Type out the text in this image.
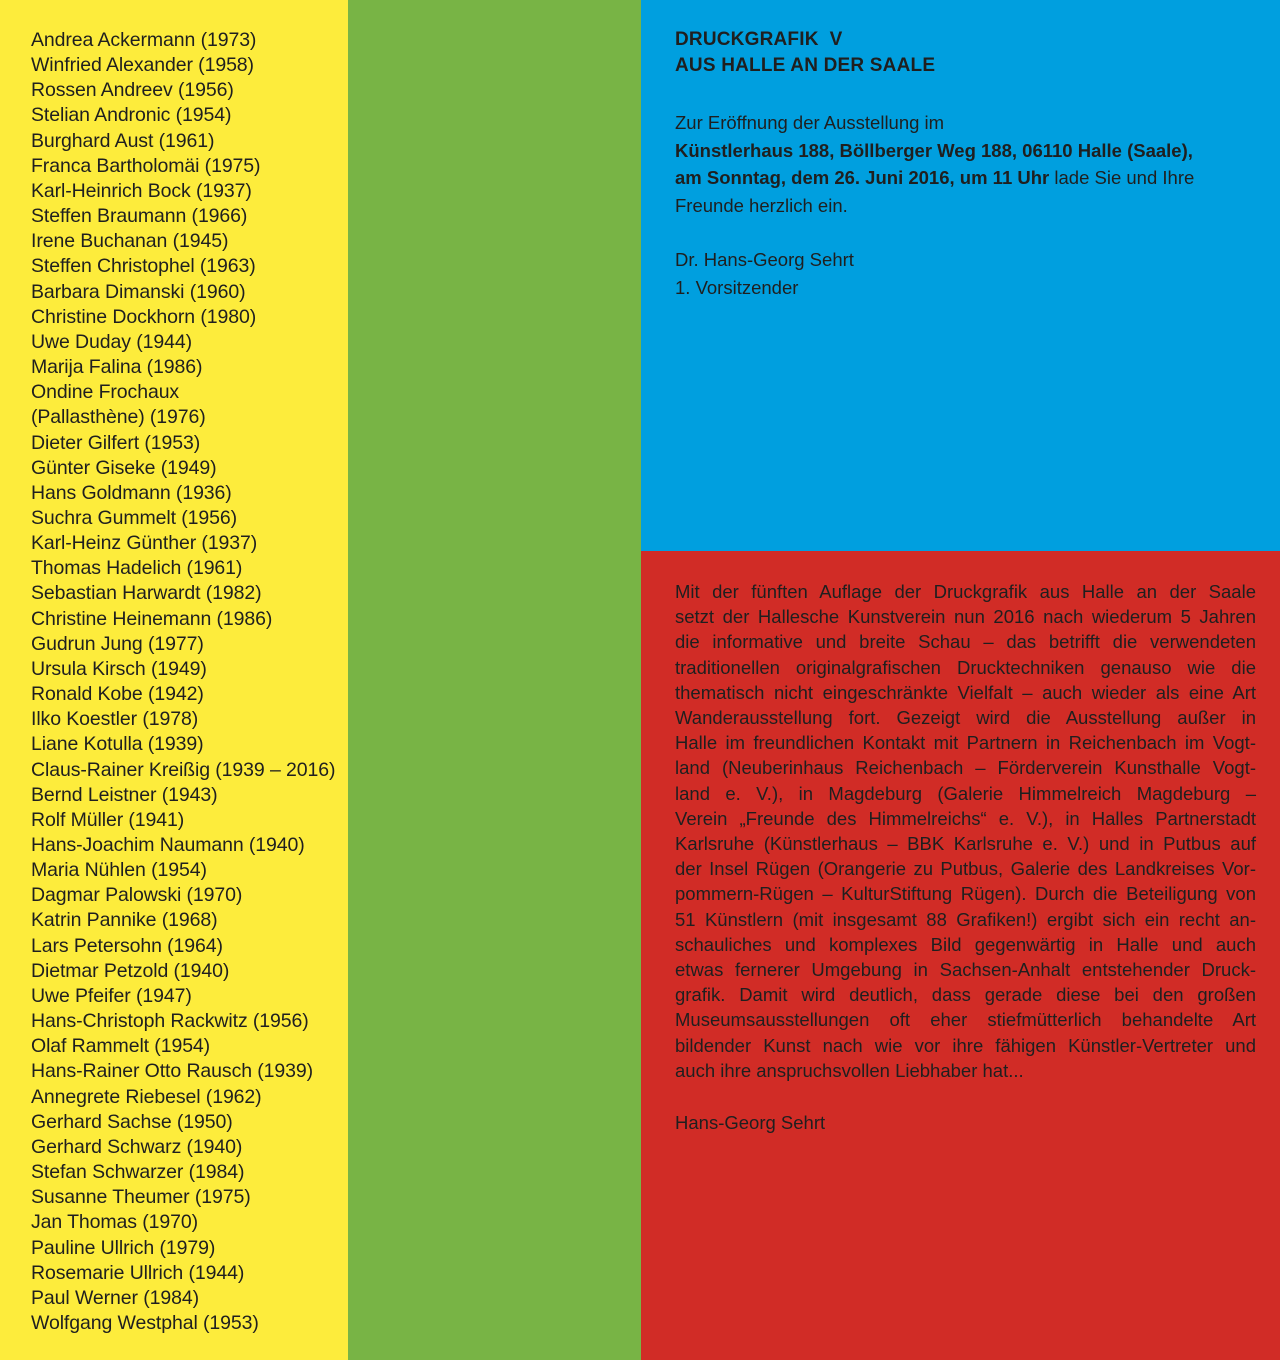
Andrea Ackermann (1973)
Winfried Alexander (1958)
Rossen Andreev (1956)
Stelian Andronic (1954)
Burghard Aust (1961)
Franca Bartholomäi (1975)
Karl-Heinrich Bock (1937)
Steffen Braumann (1966)
Irene Buchanan (1945)
Steffen Christophel (1963)
Barbara Dimanski (1960)
Christine Dockhorn (1980)
Uwe Duday (1944)
Marija Falina (1986)
Ondine Frochaux
(Pallasthène) (1976)
Dieter Gilfert (1953)
Günter Giseke (1949)
Hans Goldmann (1936)
Suchra Gummelt (1956)
Karl-Heinz Günther (1937)
Thomas Hadelich (1961)
Sebastian Harwardt (1982)
Christine Heinemann (1986)
Gudrun Jung (1977)
Ursula Kirsch (1949)
Ronald Kobe (1942)
Ilko Koestler (1978)
Liane Kotulla (1939)
Claus-Rainer Kreißig (1939 – 2016)
Bernd Leistner (1943)
Rolf Müller (1941)
Hans-Joachim Naumann (1940)
Maria Nühlen (1954)
Dagmar Palowski (1970)
Katrin Pannike (1968)
Lars Petersohn (1964)
Dietmar Petzold (1940)
Uwe Pfeifer (1947)
Hans-Christoph Rackwitz (1956)
Olaf Rammelt (1954)
Hans-Rainer Otto Rausch (1939)
Annegrete Riebesel (1962)
Gerhard Sachse (1950)
Gerhard Schwarz (1940)
Stefan Schwarzer (1984)
Susanne Theumer (1975)
Jan Thomas (1970)
Pauline Ullrich (1979)
Rosemarie Ullrich (1944)
Paul Werner (1984)
Wolfgang Westphal (1953)
DRUCKGRAFIK  V
AUS HALLE AN DER SAALE
Zur Eröffnung der Ausstellung im
Künstlerhaus 188, Böllberger Weg 188, 06110 Halle (Saale),
am Sonntag, dem 26. Juni 2016, um 11 Uhr lade Sie und Ihre
Freunde herzlich ein.
Dr. Hans-Georg Sehrt
1. Vorsitzender
Mit der fünften Auflage der Druckgrafik aus Halle an der Saale
setzt der Hallesche Kunstverein nun 2016 nach wiederum 5 Jahren
die informative und breite Schau – das betrifft die verwendeten
traditionellen originalgrafischen Drucktechniken genauso wie die
thematisch nicht eingeschränkte Vielfalt – auch wieder als eine Art
Wanderausstellung fort. Gezeigt wird die Ausstellung außer in
Halle im freundlichen Kontakt mit Partnern in Reichenbach im Vogt-
land (Neuberinhaus Reichenbach – Förderverein Kunsthalle Vogt-
land e. V.), in Magdeburg (Galerie Himmelreich Magdeburg –
Verein „Freunde des Himmelreichs“ e. V.), in Halles Partnerstadt
Karlsruhe (Künstlerhaus – BBK Karlsruhe e. V.) und in Putbus auf
der Insel Rügen (Orangerie zu Putbus, Galerie des Landkreises Vor-
pommern-Rügen – KulturStiftung Rügen). Durch die Beteiligung von
51 Künstlern (mit insgesamt 88 Grafiken!) ergibt sich ein recht an-
schauliches und komplexes Bild gegenwärtig in Halle und auch
etwas fernerer Umgebung in Sachsen-Anhalt entstehender Druck-
grafik. Damit wird deutlich, dass gerade diese bei den großen
Museumsausstellungen oft eher stiefmütterlich behandelte Art
bildender Kunst nach wie vor ihre fähigen Künstler-Vertreter und
auch ihre anspruchsvollen Liebhaber hat...
Hans-Georg Sehrt
